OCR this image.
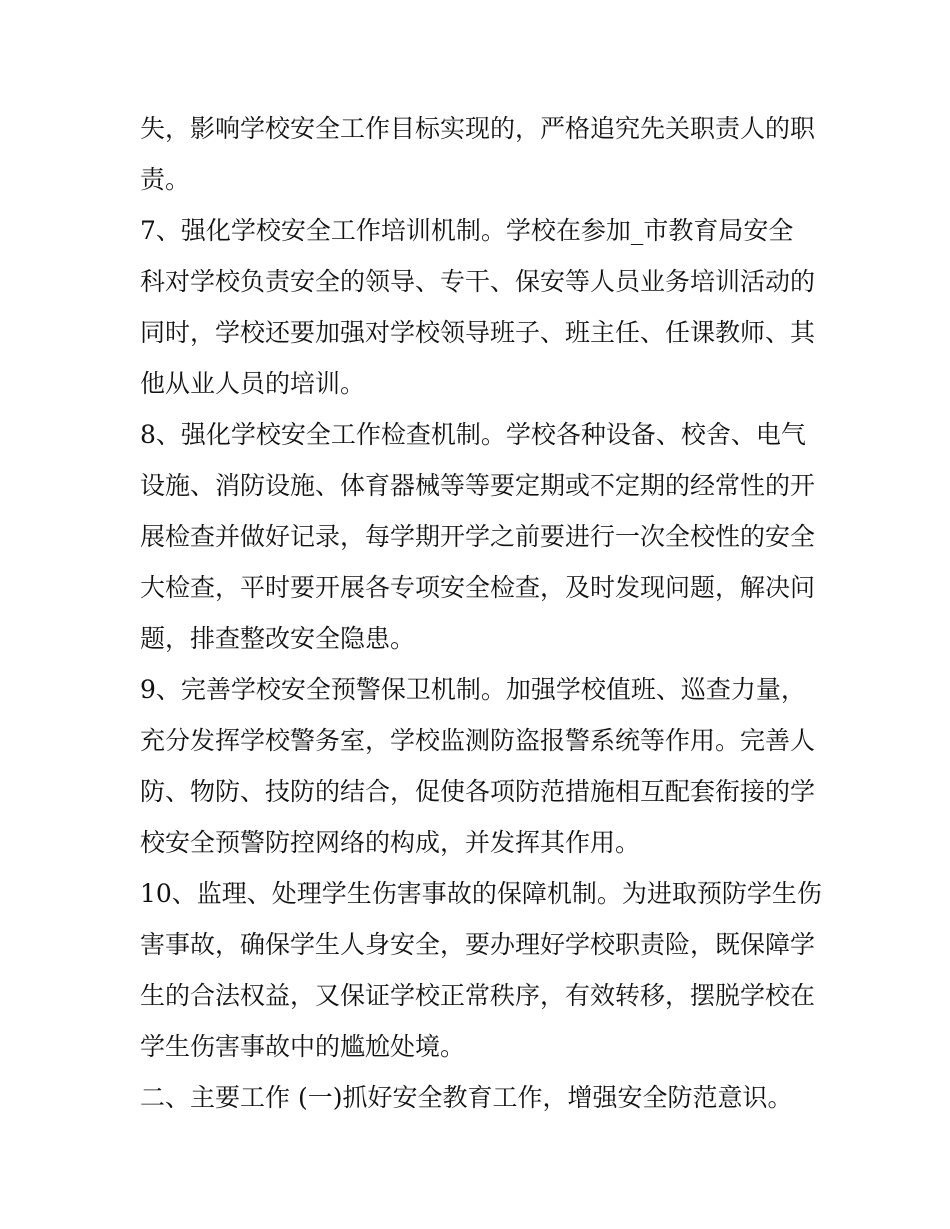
失，影响学校安全工作目标实现的，严格追究先关职责人的职
责。
7、强化学校安全工作培训机制。学校在参加_市教育局安全
科对学校负责安全的领导、专干、保安等人员业务培训活动的
同时，学校还要加强对学校领导班子、班主任、任课教师、其
他从业人员的培训。
8、强化学校安全工作检查机制。学校各种设备、校舍、电气
设施、消防设施、体育器械等等要定期或不定期的经常性的开
展检查并做好记录，每学期开学之前要进行一次全校性的安全
大检查，平时要开展各专项安全检查，及时发现问题，解决问
题，排查整改安全隐患。
9、完善学校安全预警保卫机制。加强学校值班、巡查力量，
充分发挥学校警务室，学校监测防盗报警系统等作用。完善人
防、物防、技防的结合，促使各项防范措施相互配套衔接的学
校安全预警防控网络的构成，并发挥其作用。
10、监理、处理学生伤害事故的保障机制。为进取预防学生伤
害事故，确保学生人身安全，要办理好学校职责险，既保障学
生的合法权益，又保证学校正常秩序，有效转移，摆脱学校在
学生伤害事故中的尴尬处境。
二、主要工作 (一)抓好安全教育工作，增强安全防范意识。
